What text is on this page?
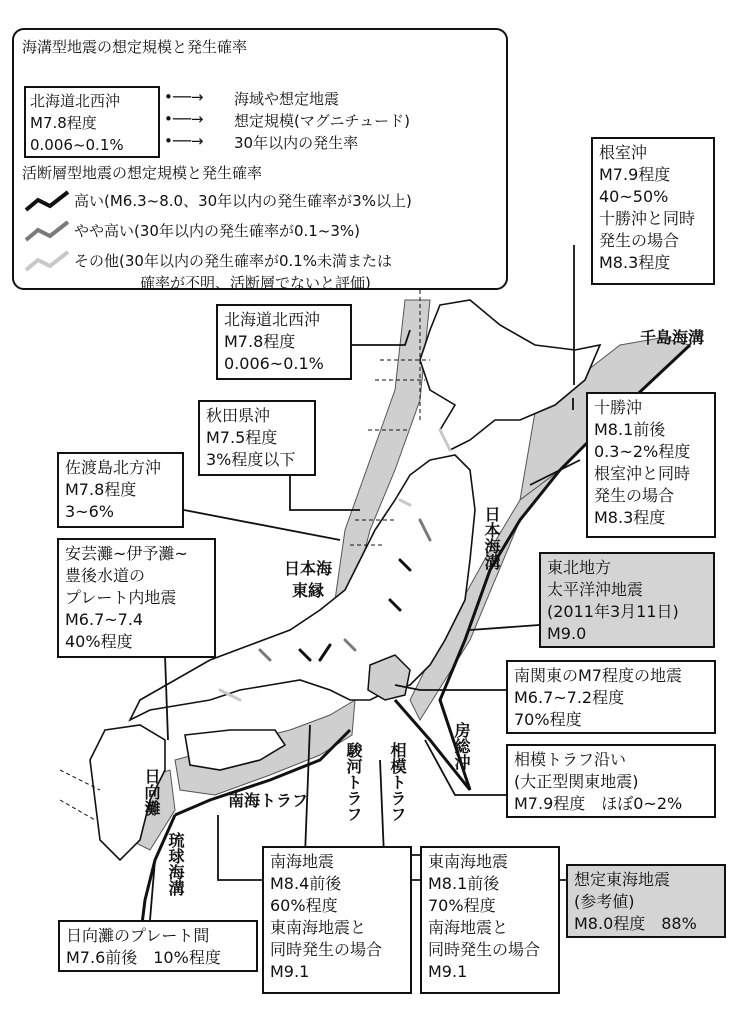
海溝型地震の想定規模と発生確率
北海道北西沖
M7.8程度
0.006~0.1%
•──→ 海域や想定地震
•──→ 想定規模(マグニチュード)
•──→ 30年以内の発生率
活断層型地震の想定規模と発生確率
高い(M6.3~8.0、30年以内の発生確率が3%以上)
やや高い(30年以内の発生確率が0.1~3%)
その他(30年以内の発生確率が0.1%未満または
確率が不明、活断層でないと評価)
根室沖
M7.9程度
40~50%
十勝沖と同時
発生の場合
M8.3程度
北海道北西沖
M7.8程度
0.006~0.1%
秋田県沖
M7.5程度
3%程度以下
佐渡島北方沖
M7.8程度
3~6%
十勝沖
M8.1前後
0.3~2%程度
根室沖と同時
発生の場合
M8.3程度
安芸灘~伊予灘~
豊後水道の
プレート内地震
M6.7~7.4
40%程度
東北地方
太平洋沖地震
(2011年3月11日)
M9.0
南関東のM7程度の地震
M6.7~7.2程度
70%程度
相模トラフ沿い
(大正型関東地震)
M7.9程度　ほぼ0~2%
想定東海地震
(参考値)
M8.0程度　88%
南海地震
M8.4前後
60%程度
東南海地震と
同時発生の場合
M9.1
東南海地震
M8.1前後
70%程度
南海地震と
同時発生の場合
M9.1
日向灘のプレート間
M7.6前後　10%程度
千島海溝
日本海溝
日本海
東縁
房総沖
相模トラフ
駿河トラフ
南海トラフ
日向灘
琉球海溝
